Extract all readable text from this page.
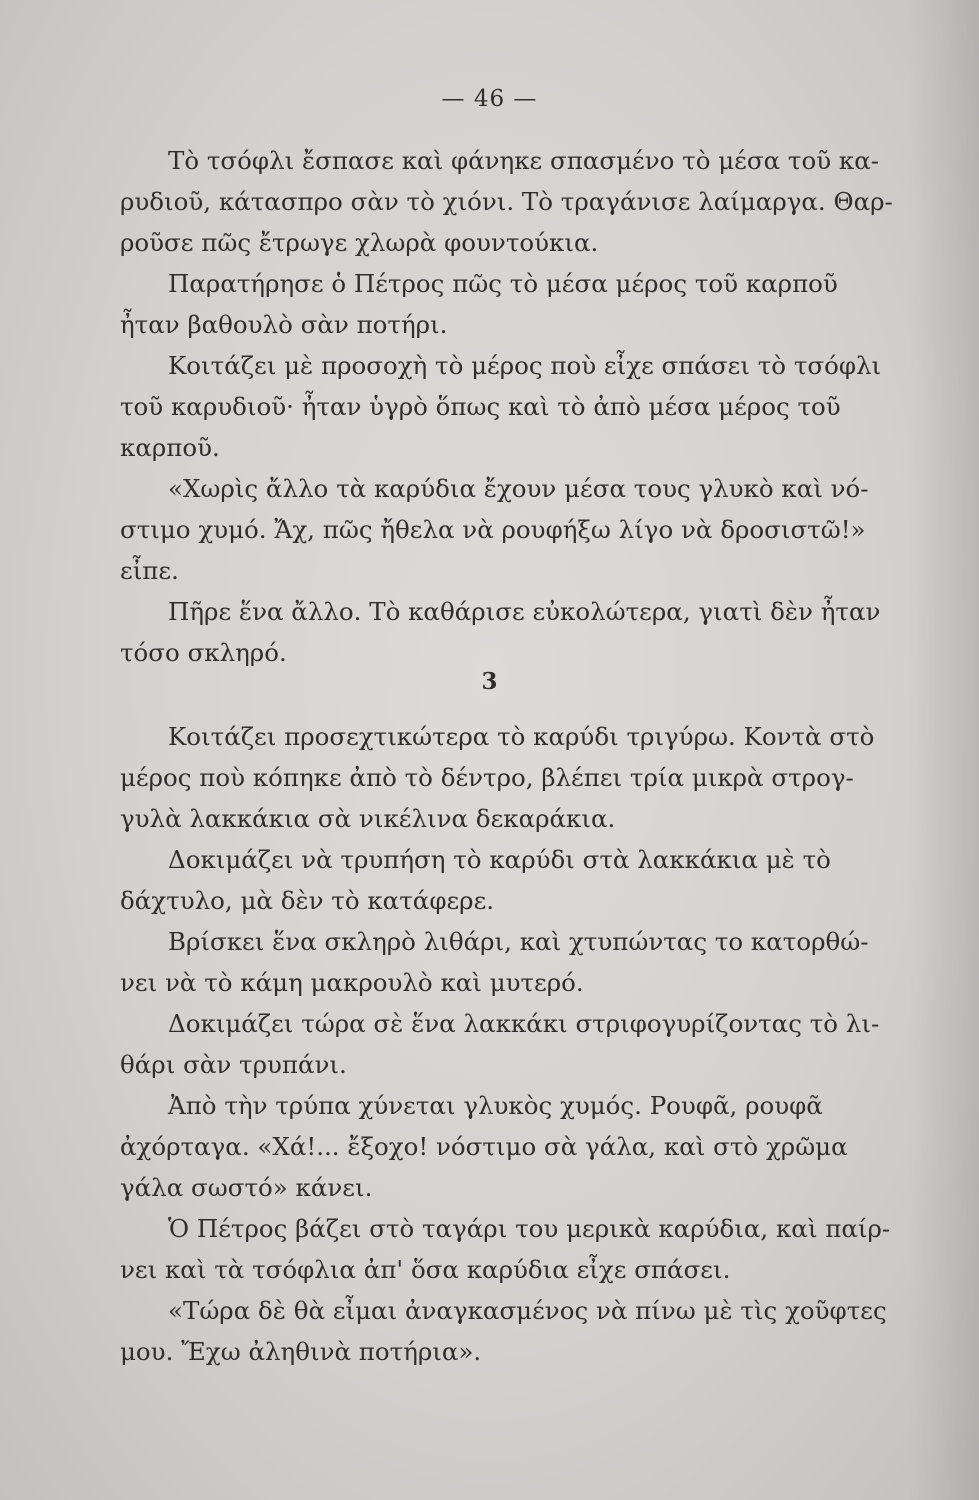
— 46 —
Τὸ τσόφλι ἔσπασε καὶ φάνηκε σπασμένο τὸ μέσα τοῦ κα-
ρυδιοῦ, κάτασπρο σὰν τὸ χιόνι. Τὸ τραγάνισε λαίμαργα. Θαρ-
ροῦσε πῶς ἔτρωγε χλωρὰ φουντούκια.
Παρατήρησε ὁ Πέτρος πῶς τὸ μέσα μέρος τοῦ καρποῦ
ἦταν βαθουλὸ σὰν ποτήρι.
Κοιτάζει μὲ προσοχὴ τὸ μέρος ποὺ εἶχε σπάσει τὸ τσόφλι
τοῦ καρυδιοῦ· ἦταν ὑγρὸ ὅπως καὶ τὸ ἀπὸ μέσα μέρος τοῦ
καρποῦ.
«Χωρὶς ἄλλο τὰ καρύδια ἔχουν μέσα τους γλυκὸ καὶ νό-
στιμο χυμό. Ἄχ, πῶς ἤθελα νὰ ρουφήξω λίγο νὰ δροσιστῶ!»
εἶπε.
Πῆρε ἕνα ἄλλο. Τὸ καθάρισε εὐκολώτερα, γιατὶ δὲν ἦταν
τόσο σκληρό.
3
Κοιτάζει προσεχτικώτερα τὸ καρύδι τριγύρω. Κοντὰ στὸ
μέρος ποὺ κόπηκε ἀπὸ τὸ δέντρο, βλέπει τρία μικρὰ στρογ-
γυλὰ λακκάκια σὰ νικέλινα δεκαράκια.
Δοκιμάζει νὰ τρυπήση τὸ καρύδι στὰ λακκάκια μὲ τὸ
δάχτυλο, μὰ δὲν τὸ κατάφερε.
Βρίσκει ἕνα σκληρὸ λιθάρι, καὶ χτυπώντας το κατορθώ-
νει νὰ τὸ κάμη μακρουλὸ καὶ μυτερό.
Δοκιμάζει τώρα σὲ ἕνα λακκάκι στριφογυρίζοντας τὸ λι-
θάρι σὰν τρυπάνι.
Ἀπὸ τὴν τρύπα χύνεται γλυκὸς χυμός. Ρουφᾶ, ρουφᾶ
ἀχόρταγα. «Χά!... ἔξοχο! νόστιμο σὰ γάλα, καὶ στὸ χρῶμα
γάλα σωστό» κάνει.
Ὁ Πέτρος βάζει στὸ ταγάρι του μερικὰ καρύδια, καὶ παίρ-
νει καὶ τὰ τσόφλια ἀπ' ὅσα καρύδια εἶχε σπάσει.
«Τώρα δὲ θὰ εἶμαι ἀναγκασμένος νὰ πίνω μὲ τὶς χοῦφτες
μου. Ἔχω ἀληθινὰ ποτήρια».
